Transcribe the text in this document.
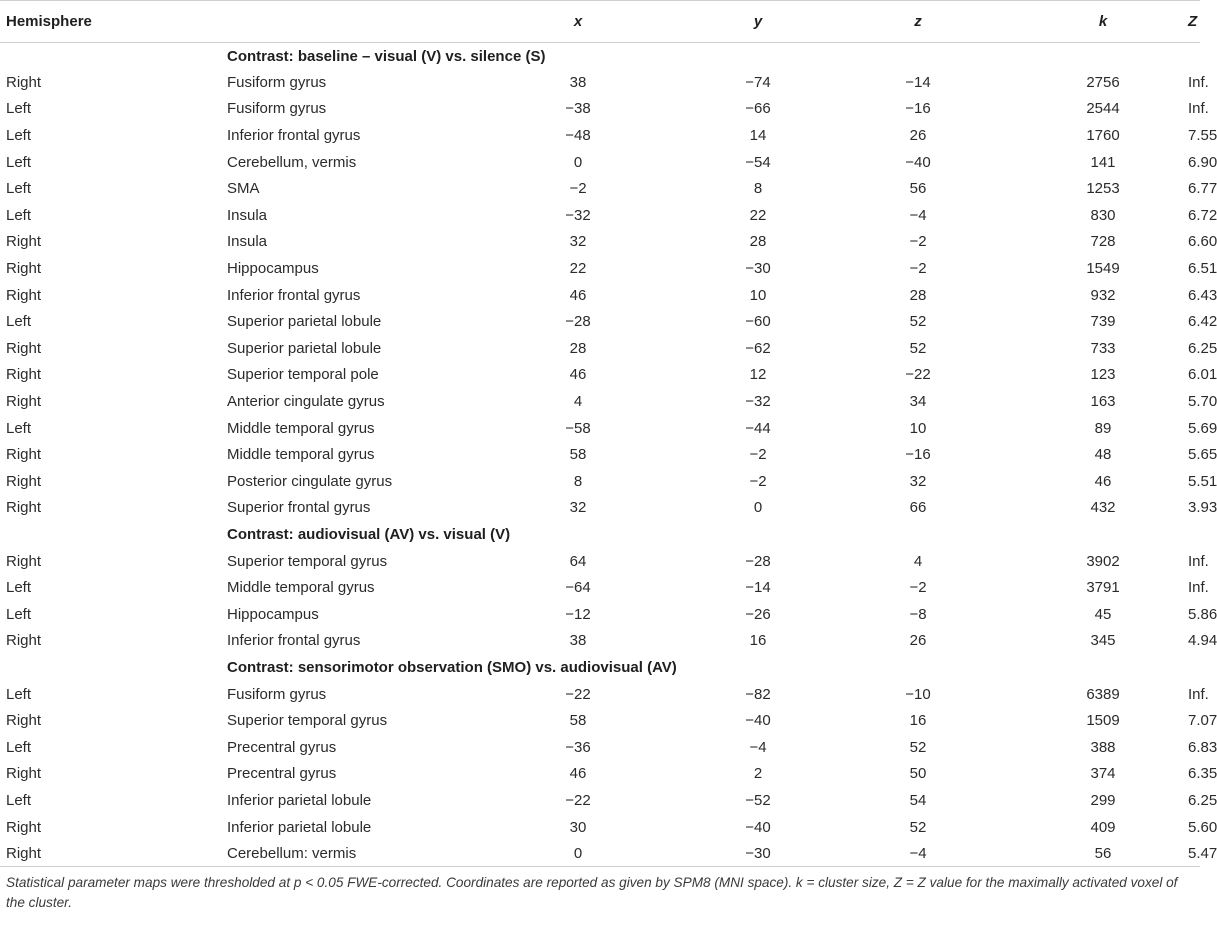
Hemisphere		x	y	z	k	Z
	Contrast: baseline – visual (V) vs. silence (S)					
Right	Fusiform gyrus	38	−74	−14	2756	Inf.
Left	Fusiform gyrus	−38	−66	−16	2544	Inf.
Left	Inferior frontal gyrus	−48	14	26	1760	7.55
Left	Cerebellum, vermis	0	−54	−40	141	6.90
Left	SMA	−2	8	56	1253	6.77
Left	Insula	−32	22	−4	830	6.72
Right	Insula	32	28	−2	728	6.60
Right	Hippocampus	22	−30	−2	1549	6.51
Right	Inferior frontal gyrus	46	10	28	932	6.43
Left	Superior parietal lobule	−28	−60	52	739	6.42
Right	Superior parietal lobule	28	−62	52	733	6.25
Right	Superior temporal pole	46	12	−22	123	6.01
Right	Anterior cingulate gyrus	4	−32	34	163	5.70
Left	Middle temporal gyrus	−58	−44	10	89	5.69
Right	Middle temporal gyrus	58	−2	−16	48	5.65
Right	Posterior cingulate gyrus	8	−2	32	46	5.51
Right	Superior frontal gyrus	32	0	66	432	3.93
	Contrast: audiovisual (AV) vs. visual (V)					
Right	Superior temporal gyrus	64	−28	4	3902	Inf.
Left	Middle temporal gyrus	−64	−14	−2	3791	Inf.
Left	Hippocampus	−12	−26	−8	45	5.86
Right	Inferior frontal gyrus	38	16	26	345	4.94
	Contrast: sensorimotor observation (SMO) vs. audiovisual (AV)					
Left	Fusiform gyrus	−22	−82	−10	6389	Inf.
Right	Superior temporal gyrus	58	−40	16	1509	7.07
Left	Precentral gyrus	−36	−4	52	388	6.83
Right	Precentral gyrus	46	2	50	374	6.35
Left	Inferior parietal lobule	−22	−52	54	299	6.25
Right	Inferior parietal lobule	30	−40	52	409	5.60
Right	Cerebellum: vermis	0	−30	−4	56	5.47
Statistical parameter maps were thresholded at p < 0.05 FWE-corrected. Coordinates are reported as given by SPM8 (MNI space). k = cluster size, Z = Z value for the maximally activated voxel of the cluster.						
